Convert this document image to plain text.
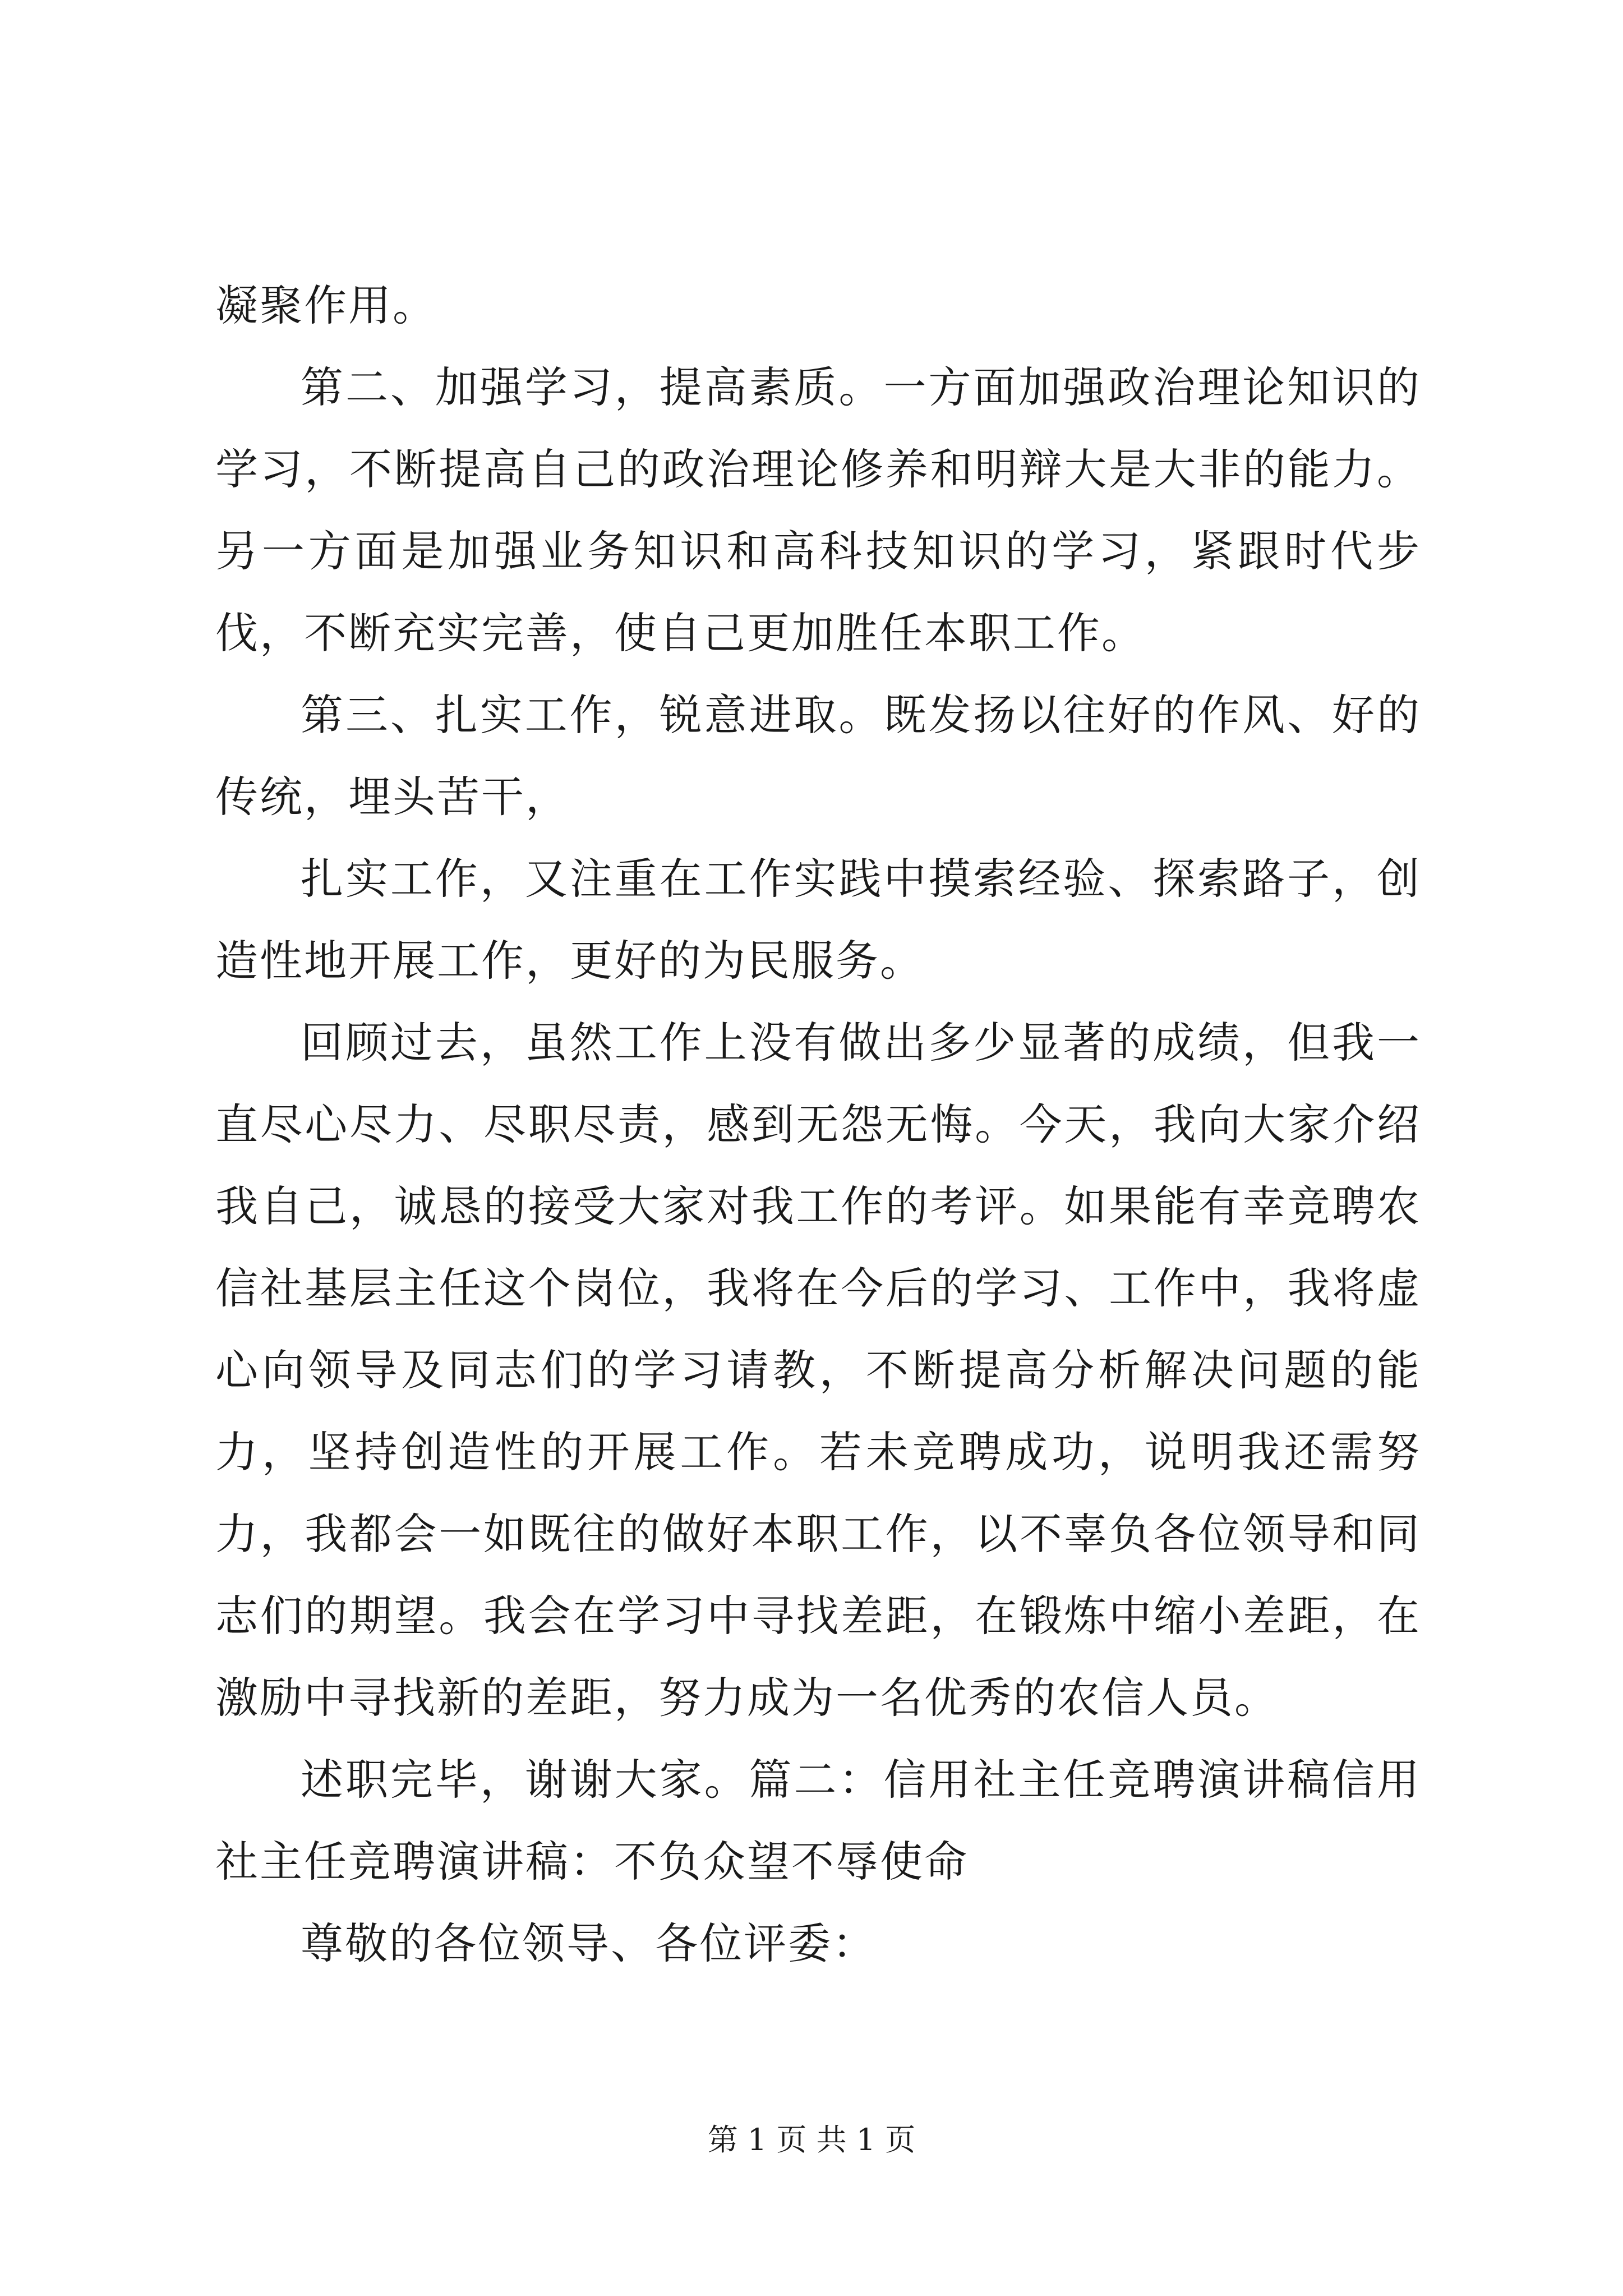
凝聚作用。

第二、加强学习，提高素质。一方面加强政治理论知识的学习，不断提高自己的政治理论修养和明辩大是大非的能力。另一方面是加强业务知识和高科技知识的学习，紧跟时代步伐，不断充实完善，使自己更加胜任本职工作。

第三、扎实工作，锐意进取。既发扬以往好的作风、好的传统，埋头苦干，

扎实工作，又注重在工作实践中摸索经验、探索路子，创造性地开展工作，更好的为民服务。

回顾过去，虽然工作上没有做出多少显著的成绩，但我一直尽心尽力、尽职尽责，感到无怨无悔。今天，我向大家介绍我自己，诚恳的接受大家对我工作的考评。如果能有幸竞聘农信社基层主任这个岗位，我将在今后的学习、工作中，我将虚心向领导及同志们的学习请教，不断提高分析解决问题的能力，坚持创造性的开展工作。若未竞聘成功，说明我还需努力，我都会一如既往的做好本职工作，以不辜负各位领导和同志们的期望。我会在学习中寻找差距，在锻炼中缩小差距，在激励中寻找新的差距，努力成为一名优秀的农信人员。

述职完毕，谢谢大家。篇二：信用社主任竞聘演讲稿信用社主任竞聘演讲稿：不负众望不辱使命

尊敬的各位领导、各位评委：

第 1 页 共 1 页
